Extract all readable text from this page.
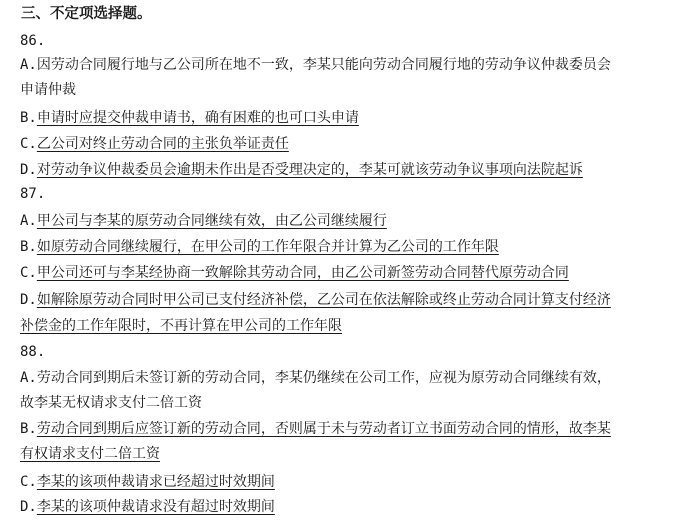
三、不定项选择题。
86.
A.因劳动合同履行地与乙公司所在地不一致，李某只能向劳动合同履行地的劳动争议仲裁委员会
申请仲裁
B.申请时应提交仲裁申请书，确有困难的也可口头申请
C.乙公司对终止劳动合同的主张负举证责任
D.对劳动争议仲裁委员会逾期未作出是否受理决定的，李某可就该劳动争议事项向法院起诉
87.
A.甲公司与李某的原劳动合同继续有效，由乙公司继续履行
B.如原劳动合同继续履行，在甲公司的工作年限合并计算为乙公司的工作年限
C.甲公司还可与李某经协商一致解除其劳动合同，由乙公司新签劳动合同替代原劳动合同
D.如解除原劳动合同时甲公司已支付经济补偿，乙公司在依法解除或终止劳动合同计算支付经济
补偿金的工作年限时，不再计算在甲公司的工作年限
88.
A.劳动合同到期后未签订新的劳动合同，李某仍继续在公司工作，应视为原劳动合同继续有效，
故李某无权请求支付二倍工资
B.劳动合同到期后应签订新的劳动合同，否则属于未与劳动者订立书面劳动合同的情形，故李某
有权请求支付二倍工资
C.李某的该项仲裁请求已经超过时效期间
D.李某的该项仲裁请求没有超过时效期间
